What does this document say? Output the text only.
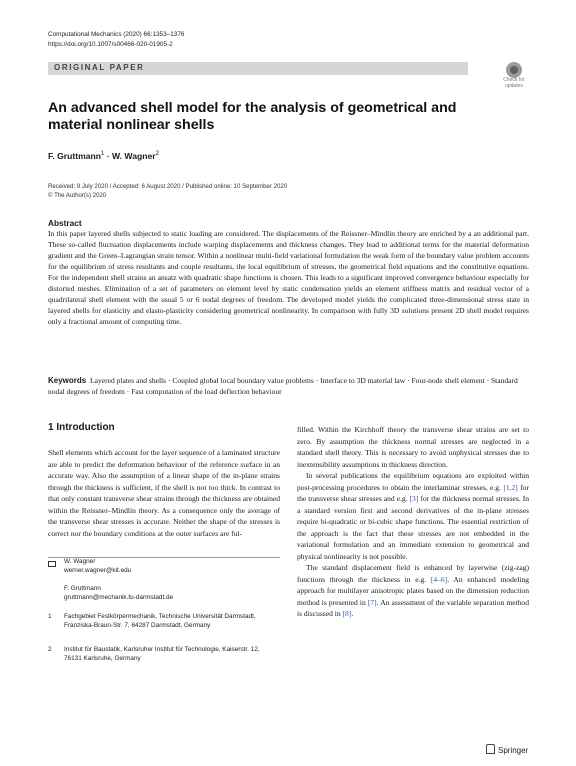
Computational Mechanics (2020) 66:1353–1376
https://doi.org/10.1007/s00466-020-01905-2
ORIGINAL PAPER
Check for
updates
An advanced shell model for the analysis of geometrical and material nonlinear shells
F. Gruttmann$^1$ · W. Wagner$^2$
Received: 9 July 2020 / Accepted: 6 August 2020 / Published online: 10 September 2020
© The Author(s) 2020
Abstract
In this paper layered shells subjected to static loading are considered. The displacements of the Reissner–Mindlin theory are enriched by a an additional part. These so-called fluctuation displacements include warping displacements and thickness changes. They lead to additional terms for the material deformation gradient and the Green–Lagrangian strain tensor. Within a nonlinear multi-field variational formulation the weak form of the boundary value problem accounts for the equilibrium of stress resultants and couple resultants, the local equilibrium of stresses, the geometrical field equations and the constitutive equations. For the independent shell strains an ansatz with quadratic shape functions is chosen. This leads to a significant improved convergence behaviour especially for distorted meshes. Elimination of a set of parameters on element level by static condensation yields an element stiffness matrix and residual vector of a quadrilateral shell element with the usual 5 or 6 nodal degrees of freedom. The developed model yields the complicated three-dimensional stress state in layered shells for elasticity and elasto-plasticity considering geometrical nonlinearity. In comparison with fully 3D solutions present 2D shell model requires only a fractional amount of computing time.
Keywords Layered plates and shells · Coupled global local boundary value problems · Interface to 3D material law · Four-node shell element · Standard nodal degrees of freedom · Fast computation of the load deflection behaviour
1 Introduction

Shell elements which account for the layer sequence of a laminated structure are able to predict the deformation behaviour of the reference surface in an accurate way. Also the assumption of a linear shape of the in-plane strains through the thickness is sufficient, if the shell is not too thick. In contrast to that only constant transverse shear strains through the thickness are obtained within the Reissner–Mindlin theory. As a consequence only the average of the transverse shear stresses is accurate. Neither the shape of the stresses is correct nor the boundary conditions at the outer surfaces are ful-

filled. Within the Kirchhoff theory the transverse shear strains are set to zero. By assumption the thickness normal stresses are neglected in a standard shell theory. This is necessary to avoid unphysical stresses due to inextensibility assumptions in thickness direction.

In several publications the equilibrium equations are exploited within post-processing procedures to obtain the interlaminar stresses, e.g. [1,2] for the transverse shear stresses and e.g. [3] for the thickness normal stresses. In a standard version first and second derivatives of the in-plane stresses require bi-quadratic or bi-cubic shape functions. The essential restriction of the approach is the fact that these stresses are not embedded in the variational formulation and an immediate extension to geometrical and physical nonlinearity is not possible.

The standard displacement field is enhanced by layerwise (zig-zag) functions through the thickness in e.g. [4–6]. An enhanced modeling approach for multilayer anisotropic plates based on the dimension reduction method is presented in [7]. An assessment of the variable separation method is discussed in [8].

W. Wagner
werner.wagner@kit.edu
F. Gruttmann
gruttmann@mechanik.tu-darmstadt.de
1 Fachgebiet Festkörpermechanik, Technische Universität Darmstadt, Franziska-Braun-Str. 7, 64287 Darmstadt, Germany
2 Institut für Baustatik, Karlsruher Institut für Technologie, Kaiserstr. 12, 76131 Karlsruhe, Germany
Springer
